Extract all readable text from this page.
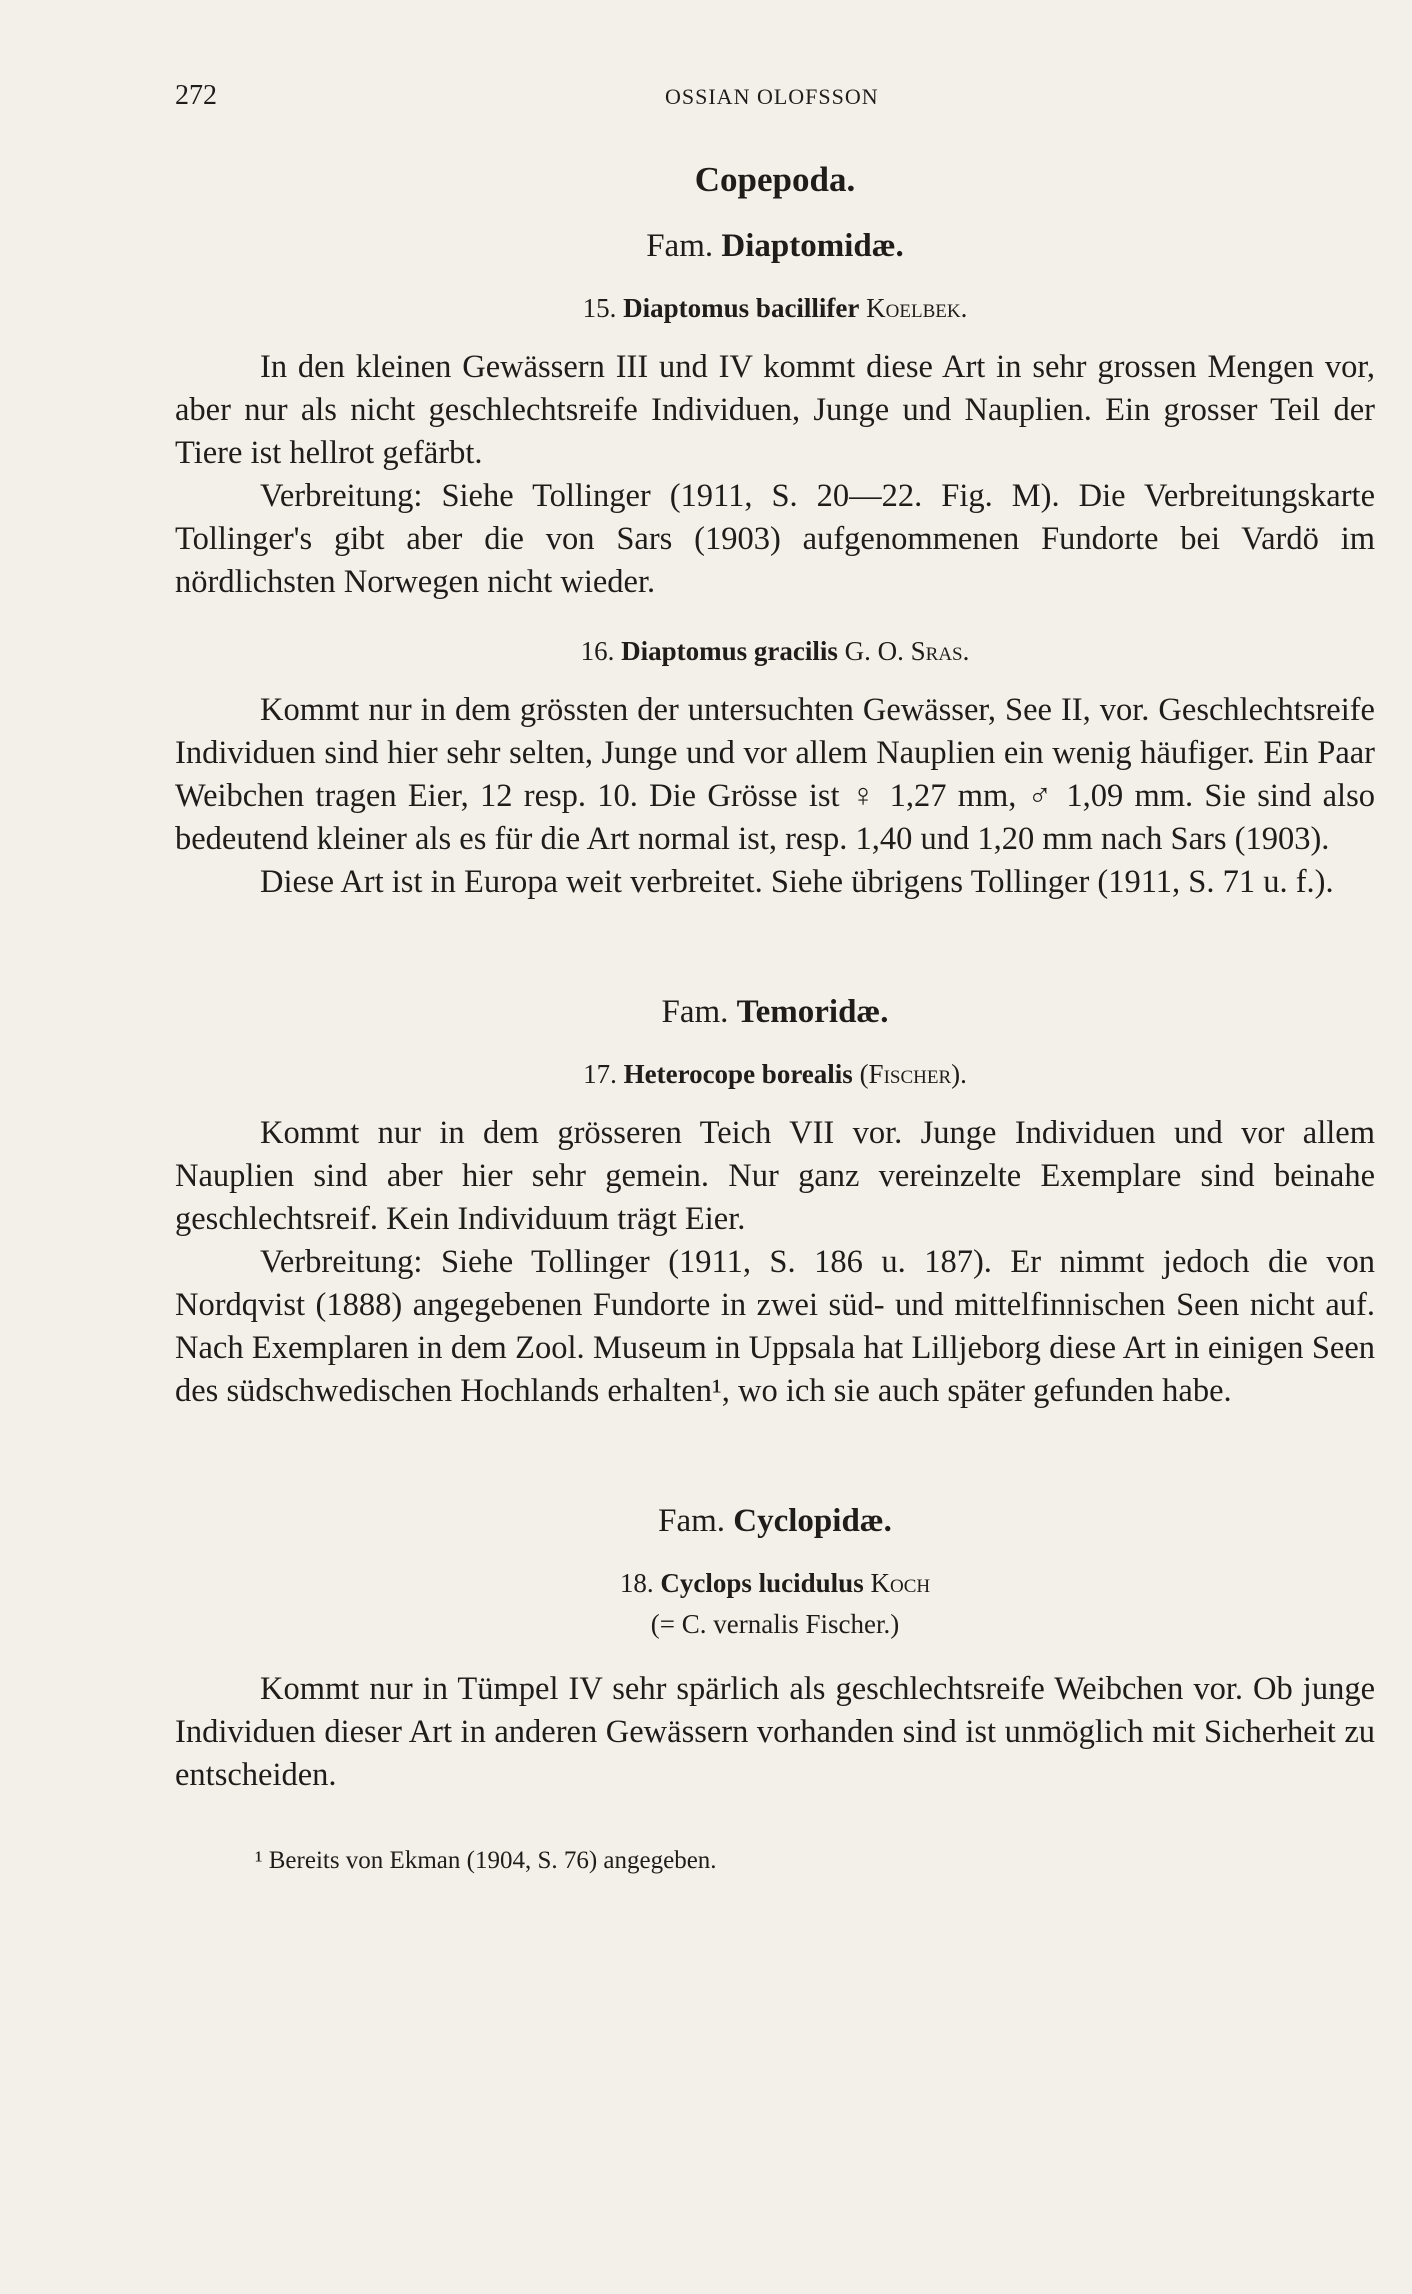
272	OSSIAN OLOFSSON
Copepoda.
Fam. Diaptomidæ.
15. Diaptomus bacillifer Koelbek.

In den kleinen Gewässern III und IV kommt diese Art in sehr grossen Mengen vor, aber nur als nicht geschlechtsreife Individuen, Junge und Nauplien. Ein grosser Teil der Tiere ist hellrot gefärbt.

Verbreitung: Siehe Tollinger (1911, S. 20—22. Fig. M). Die Verbreitungskarte Tollinger's gibt aber die von Sars (1903) aufgenommenen Fundorte bei Vardö im nördlichsten Norwegen nicht wieder.

16. Diaptomus gracilis G. O. Sras.

Kommt nur in dem grössten der untersuchten Gewässer, See II, vor. Geschlechtsreife Individuen sind hier sehr selten, Junge und vor allem Nauplien ein wenig häufiger. Ein Paar Weibchen tragen Eier, 12 resp. 10. Die Grösse ist ♀ 1,27 mm, ♂ 1,09 mm. Sie sind also bedeutend kleiner als es für die Art normal ist, resp. 1,40 und 1,20 mm nach Sars (1903).

Diese Art ist in Europa weit verbreitet. Siehe übrigens Tollinger (1911, S. 71 u. f.).

Fam. Temoridæ.
17. Heterocope borealis (Fischer).

Kommt nur in dem grösseren Teich VII vor. Junge Individuen und vor allem Nauplien sind aber hier sehr gemein. Nur ganz vereinzelte Exemplare sind beinahe geschlechtsreif. Kein Individuum trägt Eier.

Verbreitung: Siehe Tollinger (1911, S. 186 u. 187). Er nimmt jedoch die von Nordqvist (1888) angegebenen Fundorte in zwei süd- und mittelfinnischen Seen nicht auf. Nach Exemplaren in dem Zool. Museum in Uppsala hat Lilljeborg diese Art in einigen Seen des südschwedischen Hochlands erhalten¹, wo ich sie auch später gefunden habe.

Fam. Cyclopidæ.
18. Cyclops lucidulus Koch
(= C. vernalis Fischer.)

Kommt nur in Tümpel IV sehr spärlich als geschlechtsreife Weibchen vor. Ob junge Individuen dieser Art in anderen Gewässern vorhanden sind ist unmöglich mit Sicherheit zu entscheiden.

¹ Bereits von Ekman (1904, S. 76) angegeben.
